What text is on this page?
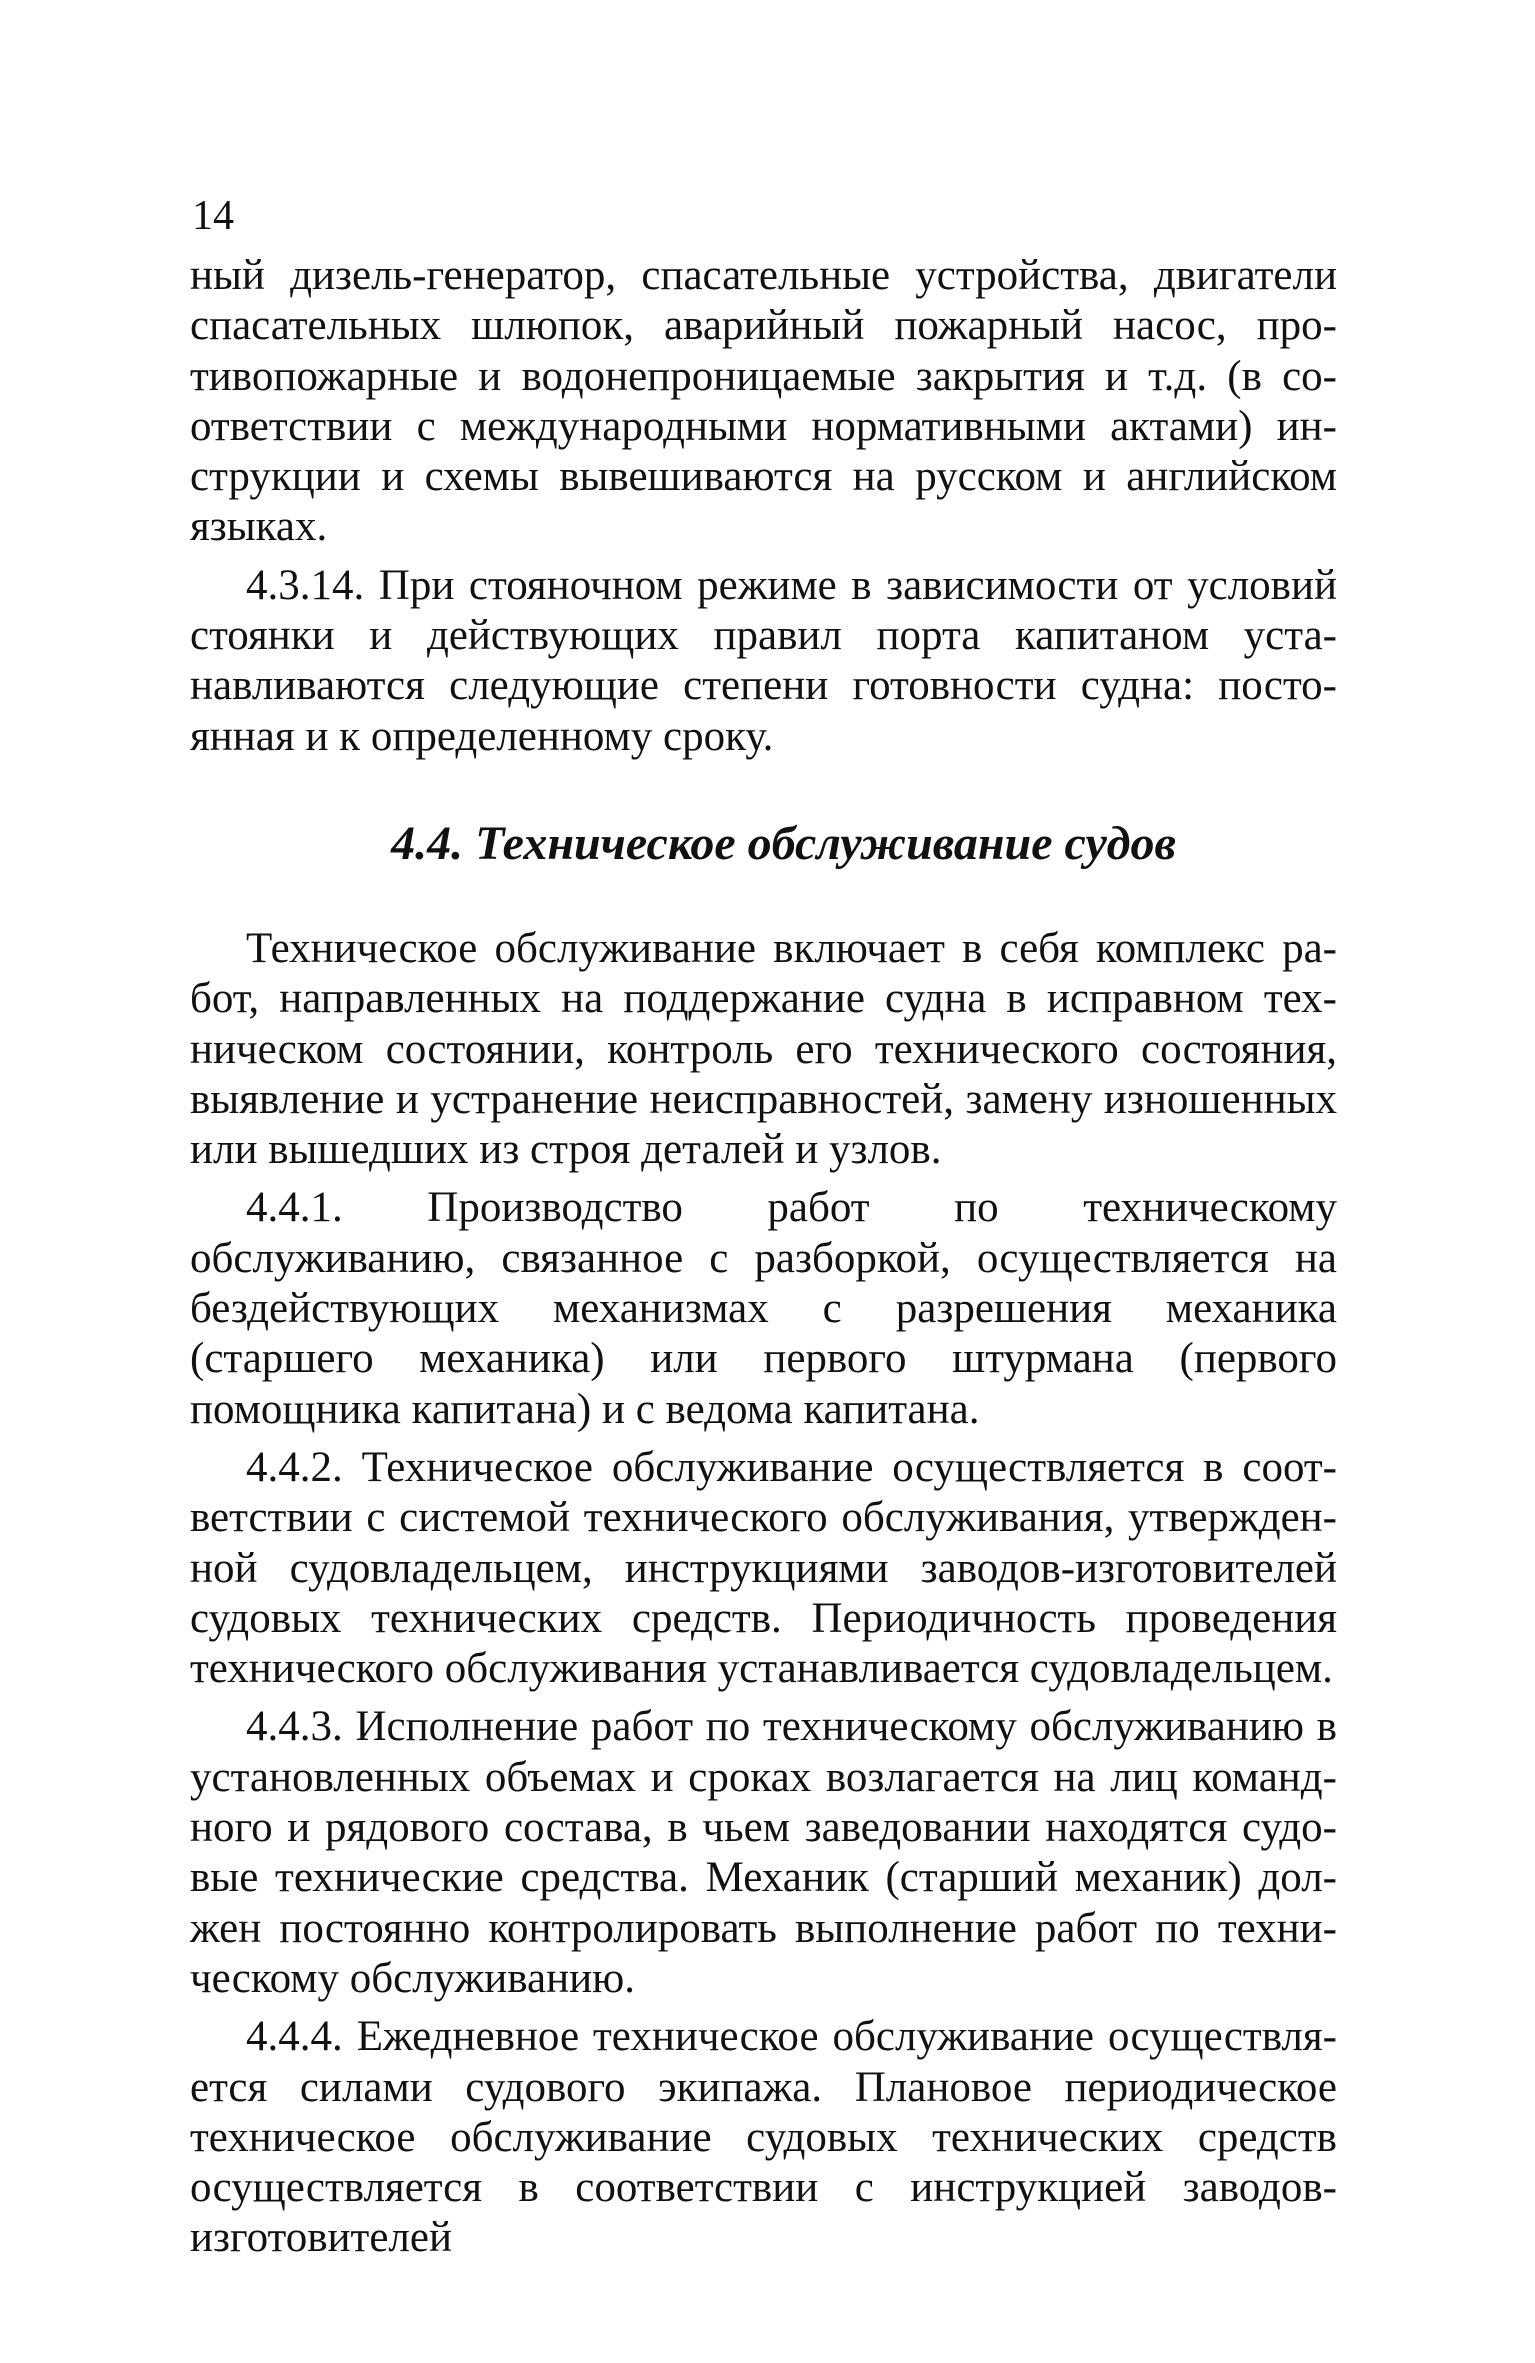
14

ный дизель-генератор, спасательные устройства, двигатели спасательных шлюпок, аварийный пожарный насос, противопожарные и водонепроницаемые закрытия и т.д. (в соответствии с международными нормативными актами) инструкции и схемы вывешиваются на русском и английском языках.

4.3.14. При стояночном режиме в зависимости от условий стоянки и действующих правил порта капитаном устанавливаются следующие степени готовности судна: постоянная и к определенному сроку.

4.4. Техническое обслуживание судов

Техническое обслуживание включает в себя комплекс работ, направленных на поддержание судна в исправном техническом состоянии, контроль его технического состояния, выявление и устранение неисправностей, замену изношенных или вышедших из строя деталей и узлов.

4.4.1. Производство работ по техническому обслуживанию, связанное с разборкой, осуществляется на бездействующих механизмах с разрешения механика (старшего механика) или первого штурмана (первого помощника капитана) и с ведома капитана.

4.4.2. Техническое обслуживание осуществляется в соответствии с системой технического обслуживания, утвержденной судовладельцем, инструкциями заводов-изготовителей судовых технических средств. Периодичность проведения технического обслуживания устанавливается судовладельцем.

4.4.3. Исполнение работ по техническому обслуживанию в установленных объемах и сроках возлагается на лиц командного и рядового состава, в чьем заведовании находятся судовые технические средства. Механик (старший механик) должен постоянно контролировать выполнение работ по техническому обслуживанию.

4.4.4. Ежедневное техническое обслуживание осуществляется силами судового экипажа. Плановое периодическое техническое обслуживание судовых технических средств осуществляется в соответствии с инструкцией заводов-изготовителей
